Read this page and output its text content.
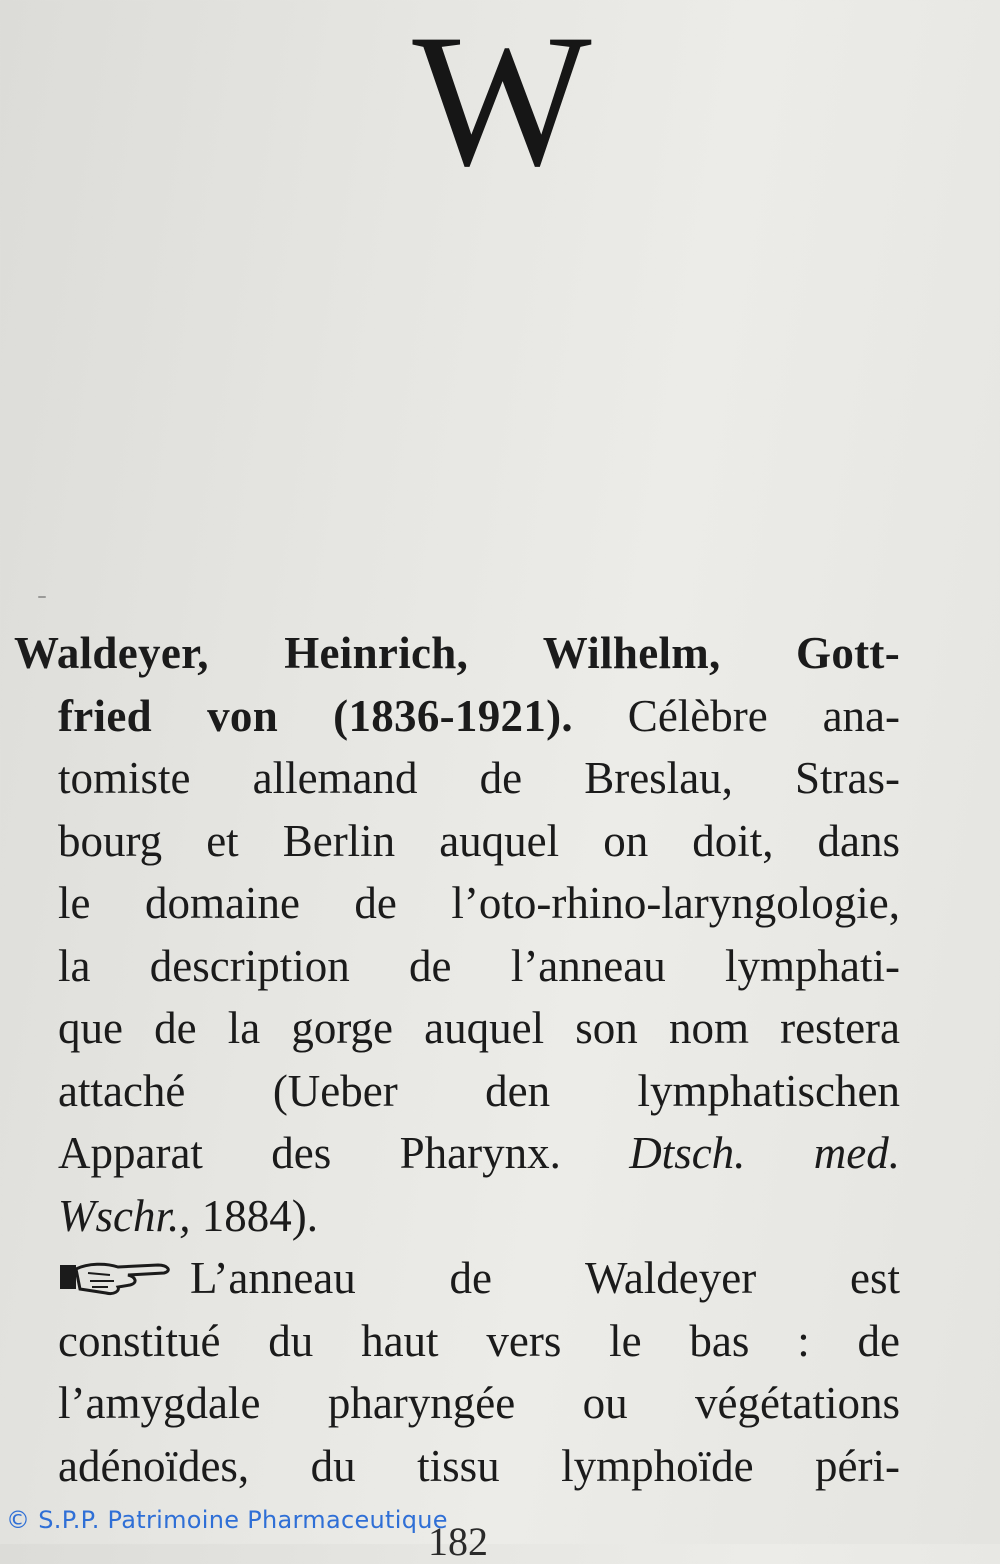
W
Waldeyer, Heinrich, Wilhelm, Gott-
fried von (1836-1921). Célèbre ana-
tomiste allemand de Breslau, Stras-
bourg et Berlin auquel on doit, dans
le domaine de l’oto-rhino-laryngologie,
la description de l’anneau lymphati-
que de la gorge auquel son nom restera
attaché (Ueber den lymphatischen
Apparat des Pharynx. Dtsch. med.
Wschr., 1884).
L’anneau de Waldeyer est
constitué du haut vers le bas : de
l’amygdale pharyngée ou végétations
adénoïdes, du tissu lymphoïde péri-
182
© S.P.P. Patrimoine Pharmaceutique
